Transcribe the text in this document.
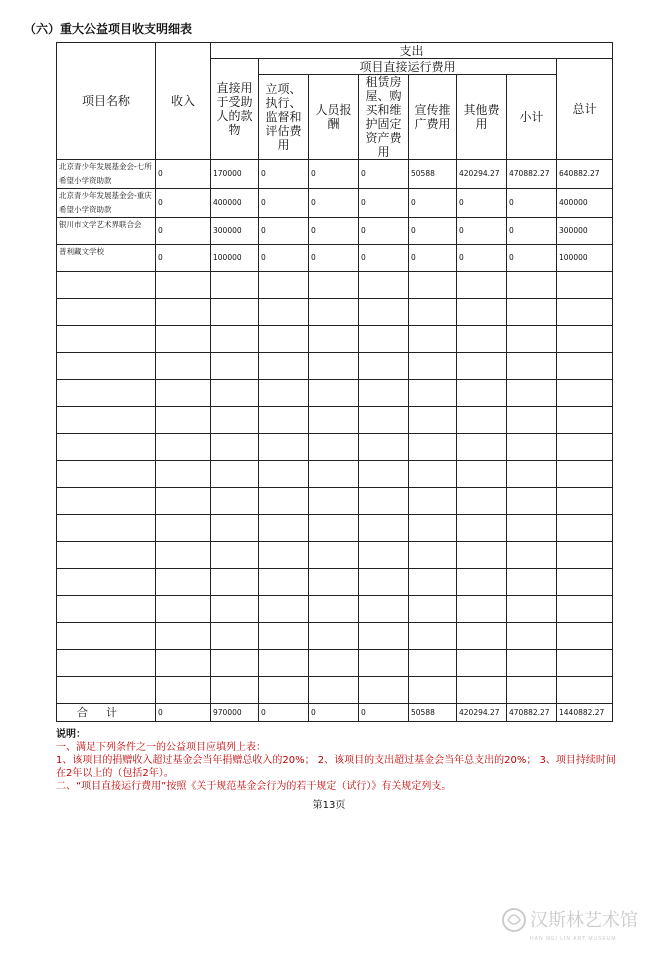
（六）重大公益项目收支明细表
项目名称	收入	支出							
		直接用于受助人的款物	项目直接运行费用						总计
			立项、执行、监督和评估费用	人员报酬	租赁房屋、购买和维护固定资产费用	宣传推广费用	其他费用	小计	
北京青少年发展基金会-七所希望小学资助款	0	170000	0	0	0	50588	420294.27	470882.27	640882.27
北京青少年发展基金会-重庆希望小学资助款	0	400000	0	0	0	0	0	0	400000
银川市文学艺术界联合会	0	300000	0	0	0	0	0	0	300000
普利藏文学校	0	100000	0	0	0	0	0	0	100000

合计	0	970000	0	0	0	50588	420294.27	470882.27	1440882.27
说明：
一、满足下列条件之一的公益项目应填列上表：
1、该项目的捐赠收入超过基金会当年捐赠总收入的20%； 2、该项目的支出超过基金会当年总支出的20%； 3、项目持续时间在2年以上的（包括2年）。
二、“项目直接运行费用”按照《关于规范基金会行为的若干规定（试行）》有关规定列支。
第13页
汉斯林艺术馆
HAN MEI LIN ART MUSEUM
